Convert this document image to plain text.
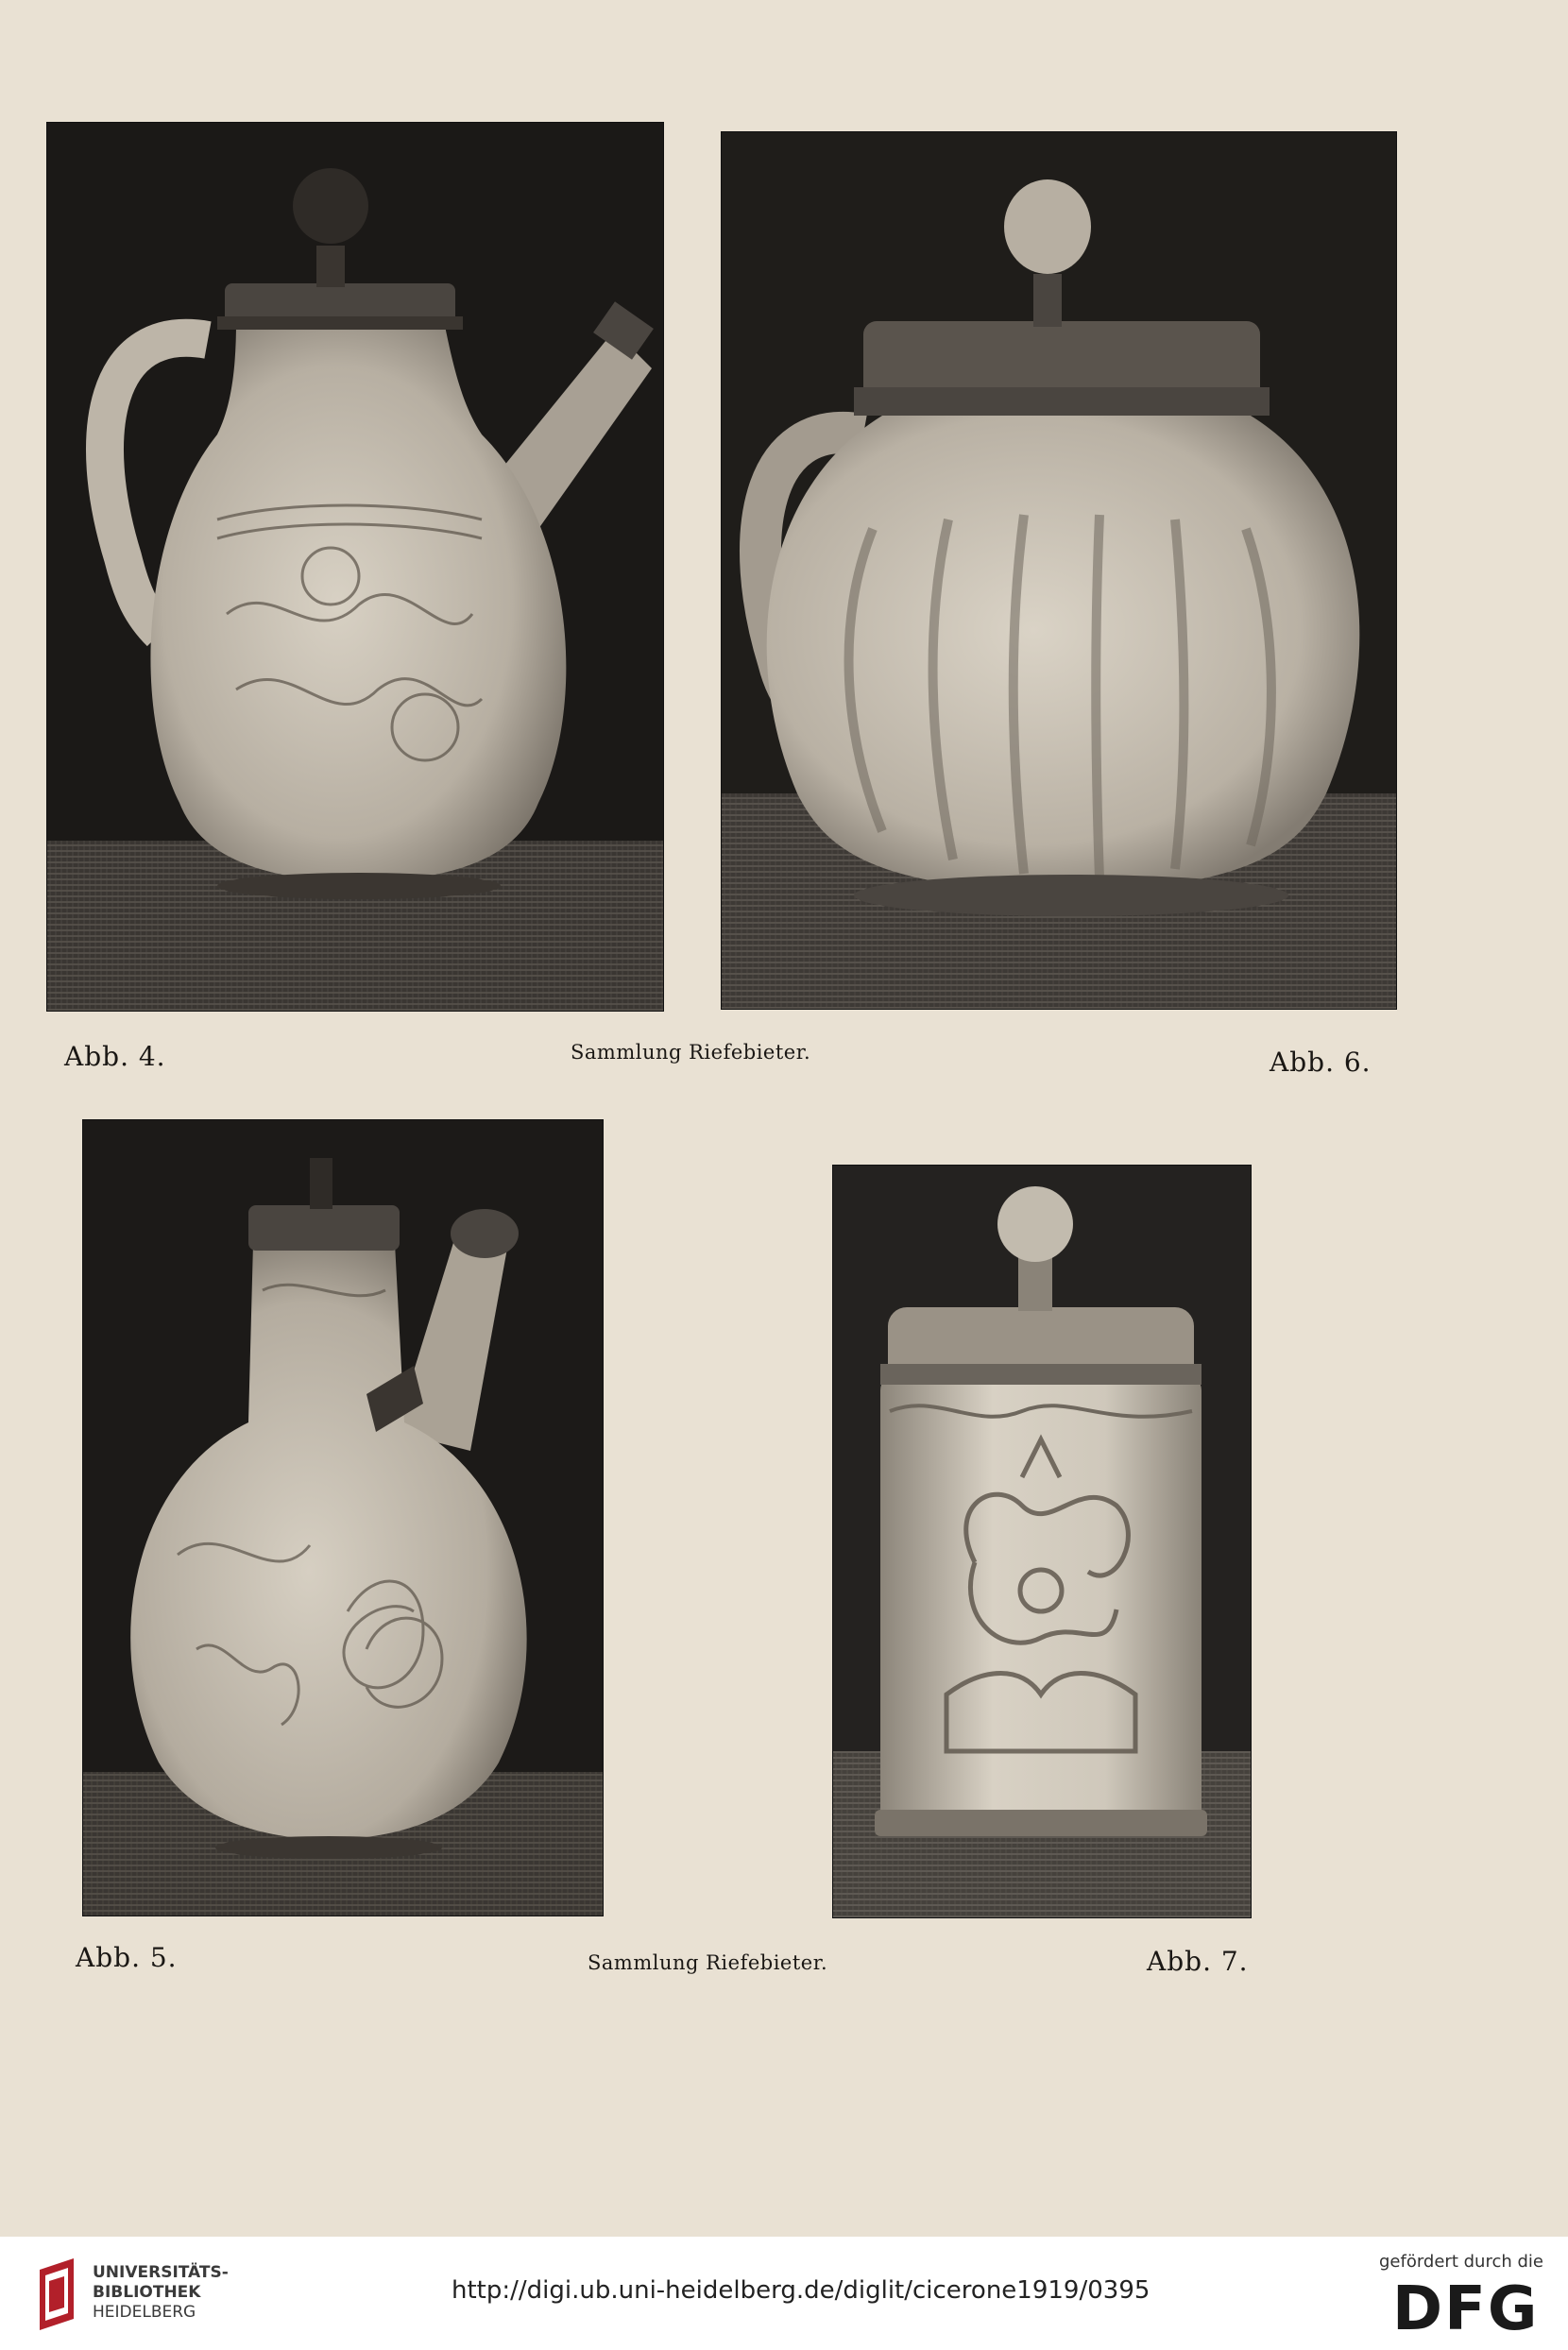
Abb. 4.	Sammlung Riefebieter.	Abb. 6.
Abb. 5.	Sammlung Riefebieter.	Abb. 7.
UNIVERSITÄTS-
BIBLIOTHEK
HEIDELBERG
http://digi.ub.uni-heidelberg.de/diglit/cicerone1919/0395
gefördert durch die
DFG
